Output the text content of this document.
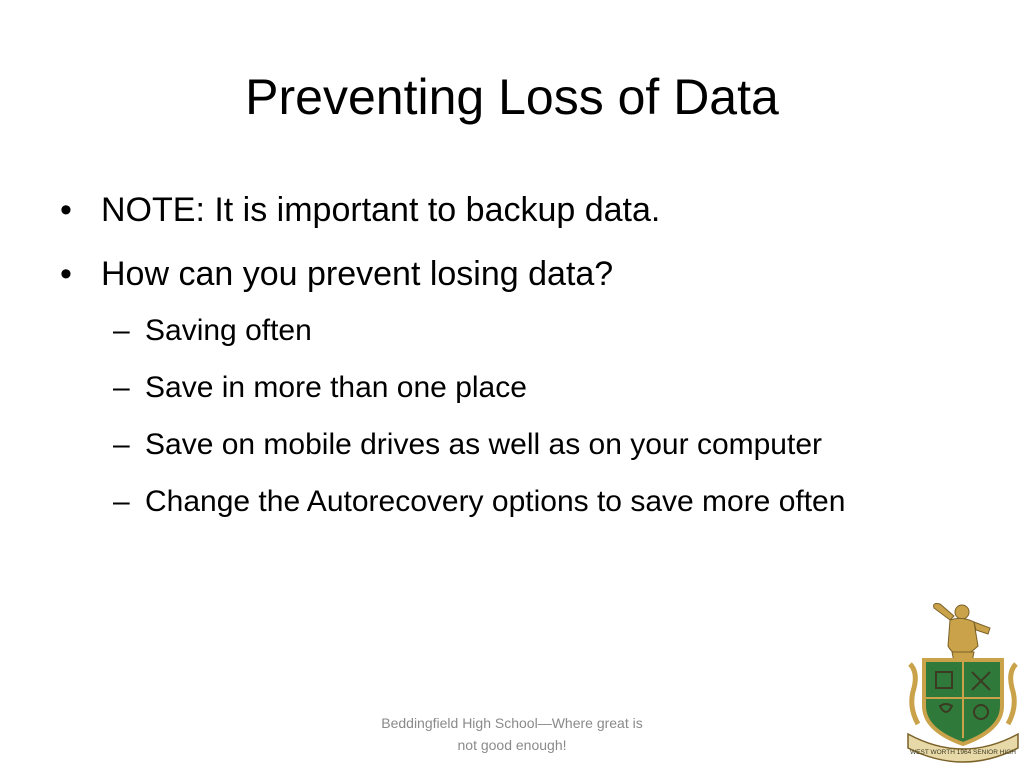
Preventing Loss of Data
• NOTE: It is important to backup data.
• How can you prevent losing data?
– Saving often
– Save in more than one place
– Save on mobile drives as well as on your computer
– Change the Autorecovery options to save more often
Beddingfield High School—Where great is
not good enough!	WEST WORTH 1964 SENIOR HIGH
